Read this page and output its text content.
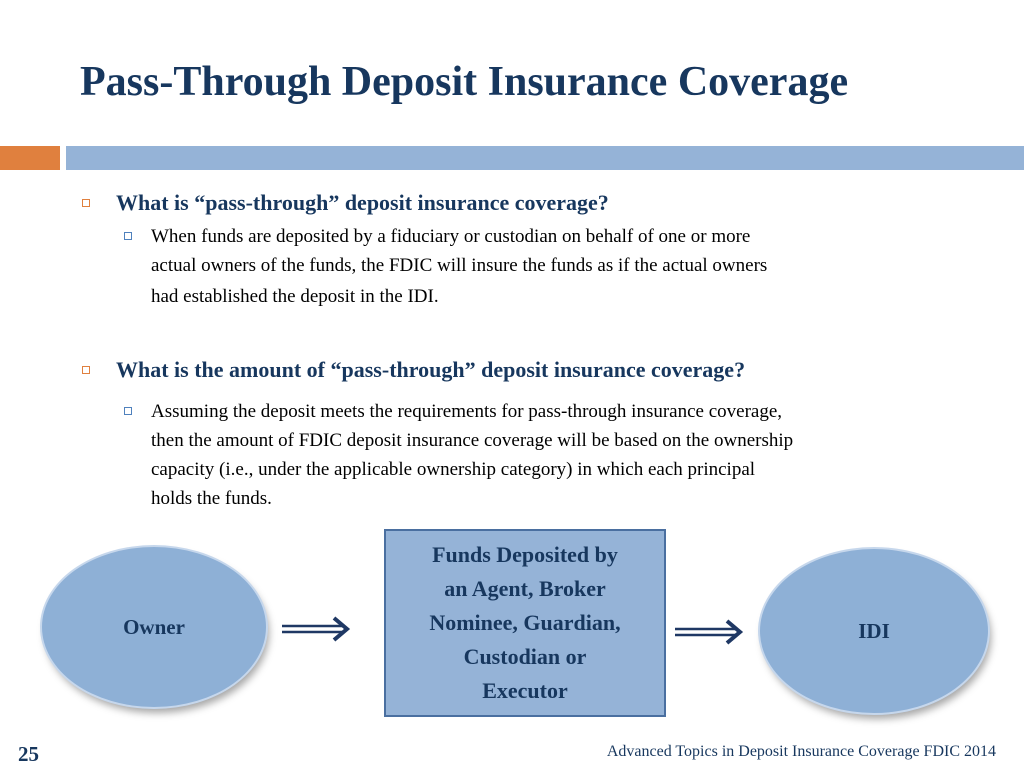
Pass-Through Deposit Insurance Coverage
What is “pass-through” deposit insurance coverage?
When funds are deposited by a fiduciary or custodian on behalf of one or more
actual owners of the funds, the FDIC will insure the funds as if the actual owners
had established the deposit in the IDI.
What is the amount of “pass-through” deposit insurance coverage?
Assuming the deposit meets the requirements for pass-through insurance coverage,
then the amount of FDIC deposit insurance coverage will be based on the ownership
capacity (i.e., under the applicable ownership category) in which each principal
holds the funds.
Owner
Funds Deposited by
an Agent, Broker
Nominee, Guardian,
Custodian or
Executor
IDI
25	Advanced Topics in Deposit Insurance Coverage FDIC 2014
